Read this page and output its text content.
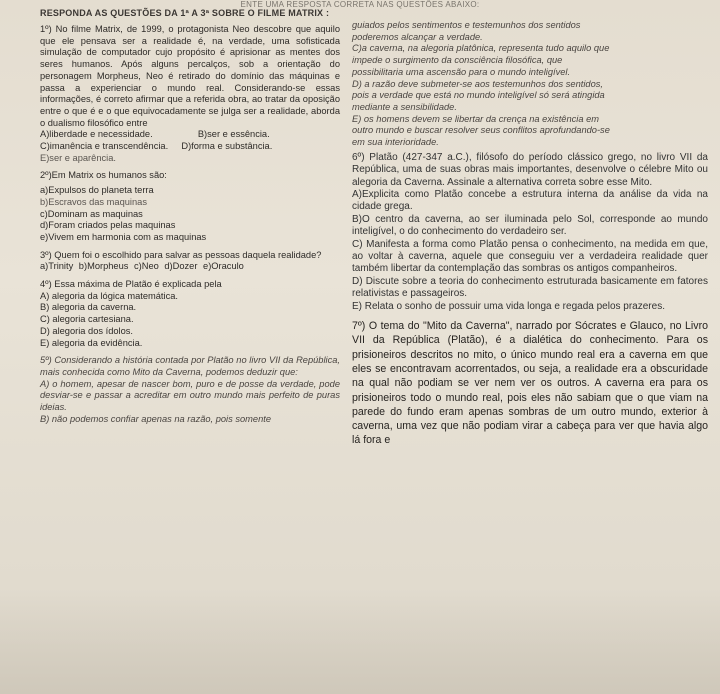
ENTE UMA RESPOSTA CORRETA NAS QUESTÕES ABAIXO:
RESPONDA AS QUESTÕES DA 1ª A 3ª SOBRE O FILME MATRIX :

1º) No filme Matrix, de 1999, o protagonista Neo descobre que aquilo que ele pensava ser a realidade é, na verdade, uma sofisticada simulação de computador cujo propósito é aprisionar as mentes dos seres humanos. Após alguns percalços, sob a orientação do personagem Morpheus, Neo é retirado do domínio das máquinas e passa a experienciar o mundo real. Considerando-se essas informações, é correto afirmar que a referida obra, ao tratar da oposição entre o que é e o que equivocadamente se julga ser a realidade, aborda o dualismo filosófico entre

A)liberdade e necessidade.	B)ser e essência.
C)imanência e transcendência. D)forma e substância.
E)ser e aparência.

2º)Em Matrix os humanos são:

a)Expulsos do planeta terra
b)Escravos das maquinas
c)Dominam as maquinas
d)Foram criados pelas maquinas
e)Vivem em harmonia com as maquinas

3º) Quem foi o escolhido para salvar as pessoas daquela realidade?

a)Trinity b)Morpheus c)Neo d)Dozer e)Oraculo

4º) Essa máxima de Platão é explicada pela

A) alegoria da lógica matemática.
B) alegoria da caverna.
C) alegoria cartesiana.
D) alegoria dos ídolos.
E) alegoria da evidência.

5º) Considerando a história contada por Platão no livro VII da República, mais conhecida como Mito da Caverna, podemos deduzir que:

A) o homem, apesar de nascer bom, puro e de posse da verdade, pode desviar-se e passar a acreditar em outro mundo mais perfeito de puras ideias.

B) não podemos confiar apenas na razão, pois somente

guiados pelos sentimentos e testemunhos dos sentidos
poderemos alcançar a verdade.
C)a caverna, na alegoria platônica, representa tudo aquilo que
impede o surgimento da consciência filosófica, que
possibilitaria uma ascensão para o mundo inteligível.
D) a razão deve submeter-se aos testemunhos dos sentidos,
pois a verdade que está no mundo inteligível só será atingida
mediante a sensibilidade.
E) os homens devem se libertar da crença na existência em
outro mundo e buscar resolver seus conflitos aprofundando-se
em sua interioridade.

6º) Platão (427-347 a.C.), filósofo do período clássico grego, no livro VII da República, uma de suas obras mais importantes, desenvolve o célebre Mito ou alegoria da Caverna. Assinale a alternativa correta sobre esse Mito.

A)Explicita como Platão concebe a estrutura interna da análise da vida na cidade grega.

B)O centro da caverna, ao ser iluminada pelo Sol, corresponde ao mundo inteligível, o do conhecimento do verdadeiro ser.

C) Manifesta a forma como Platão pensa o conhecimento, na medida em que, ao voltar à caverna, aquele que conseguiu ver a verdadeira realidade quer também libertar da contemplação das sombras os antigos companheiros.

D) Discute sobre a teoria do conhecimento estruturada basicamente em fatores relativistas e passageiros.

E) Relata o sonho de possuir uma vida longa e regada pelos prazeres.

7º) O tema do "Mito da Caverna", narrado por Sócrates e Glauco, no Livro VII da República (Platão), é a dialética do conhecimento. Para os prisioneiros descritos no mito, o único mundo real era a caverna em que eles se encontravam acorrentados, ou seja, a realidade era a obscuridade na qual não podiam se ver nem ver os outros. A caverna era para os prisioneiros todo o mundo real, pois eles não sabiam que o que viam na parede do fundo eram apenas sombras de um outro mundo, exterior à caverna, uma vez que não podiam virar a cabeça para ver que havia algo lá fora e
